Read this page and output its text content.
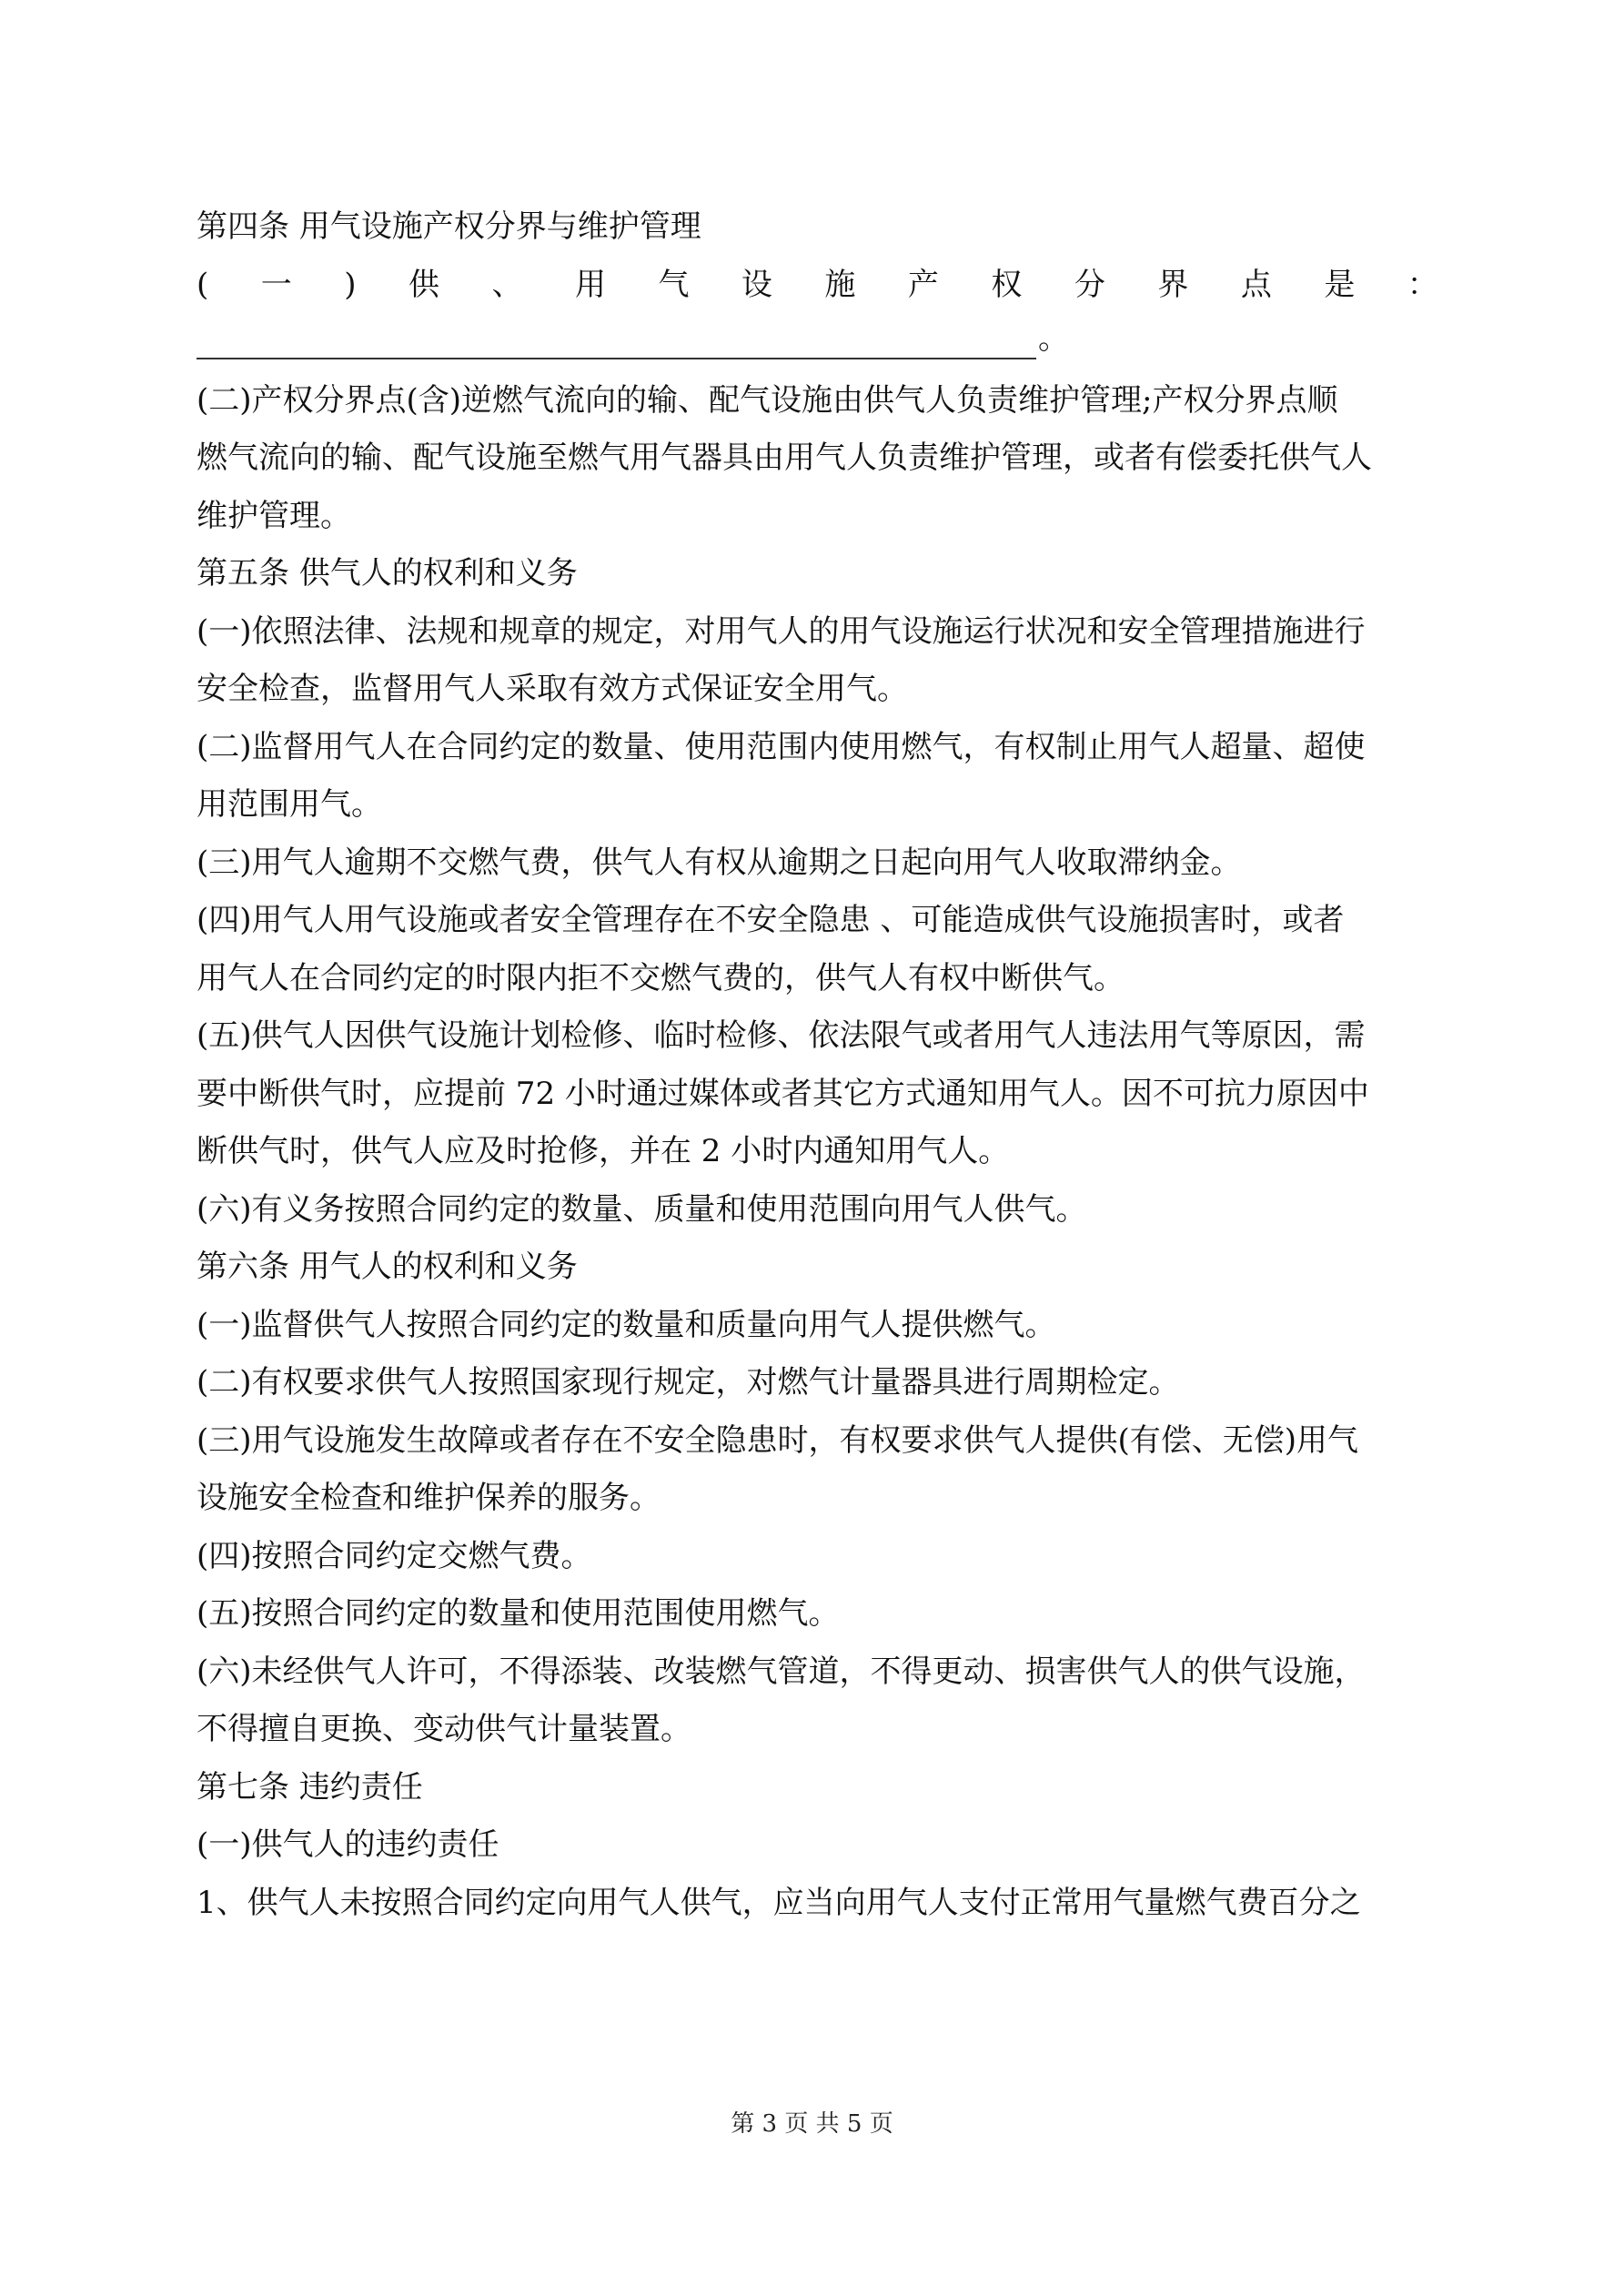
第四条 用气设施产权分界与维护管理
( 一 ) 供 、 用 气 设 施 产 权 分 界 点 是 ：
。
(二)产权分界点(含)逆燃气流向的输、配气设施由供气人负责维护管理;产权分界点顺
燃气流向的输、配气设施至燃气用气器具由用气人负责维护管理，或者有偿委托供气人
维护管理。
第五条 供气人的权利和义务
(一)依照法律、法规和规章的规定，对用气人的用气设施运行状况和安全管理措施进行
安全检查，监督用气人采取有效方式保证安全用气。
(二)监督用气人在合同约定的数量、使用范围内使用燃气，有权制止用气人超量、超使
用范围用气。
(三)用气人逾期不交燃气费，供气人有权从逾期之日起向用气人收取滞纳金。
(四)用气人用气设施或者安全管理存在不安全隐患 、可能造成供气设施损害时，或者
用气人在合同约定的时限内拒不交燃气费的，供气人有权中断供气。
(五)供气人因供气设施计划检修、临时检修、依法限气或者用气人违法用气等原因，需
要中断供气时，应提前 72 小时通过媒体或者其它方式通知用气人。因不可抗力原因中
断供气时，供气人应及时抢修，并在 2 小时内通知用气人。
(六)有义务按照合同约定的数量、质量和使用范围向用气人供气。
第六条 用气人的权利和义务
(一)监督供气人按照合同约定的数量和质量向用气人提供燃气。
(二)有权要求供气人按照国家现行规定，对燃气计量器具进行周期检定。
(三)用气设施发生故障或者存在不安全隐患时，有权要求供气人提供(有偿、无偿)用气
设施安全检查和维护保养的服务。
(四)按照合同约定交燃气费。
(五)按照合同约定的数量和使用范围使用燃气。
(六)未经供气人许可，不得添装、改装燃气管道，不得更动、损害供气人的供气设施，
不得擅自更换、变动供气计量装置。
第七条 违约责任
(一)供气人的违约责任
1、供气人未按照合同约定向用气人供气，应当向用气人支付正常用气量燃气费百分之
第 3 页 共 5 页
